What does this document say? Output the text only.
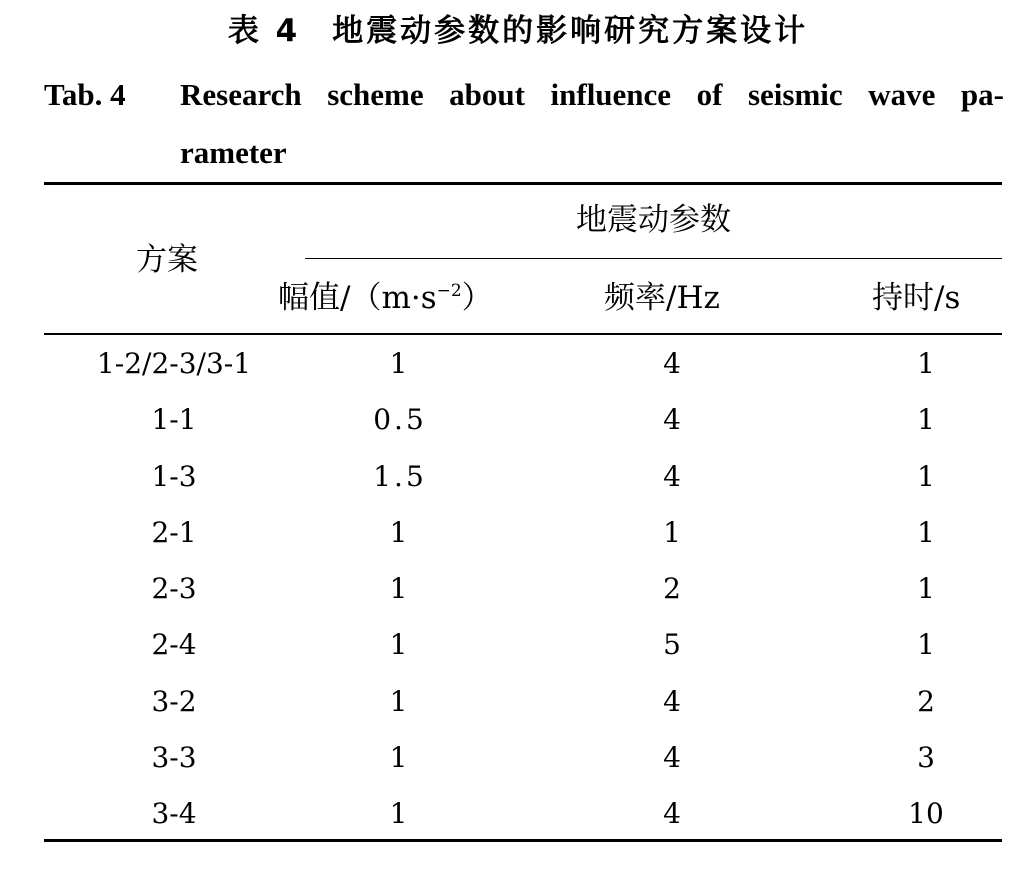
表 4 地震动参数的影响研究方案设计
Tab. 4 Research scheme about influence of seismic wave pa- rameter
方案
地震动参数
幅值$/(m\cdot s^{-2})$	频率/Hz	持时/s
1-2/2-3/3-1	1	4	1
1-1	0.5	4	1
1-3	1.5	4	1
2-1	1	1	1
2-3	1	2	1
2-4	1	5	1
3-2	1	4	2
3-3	1	4	3
3-4	1	4	10
